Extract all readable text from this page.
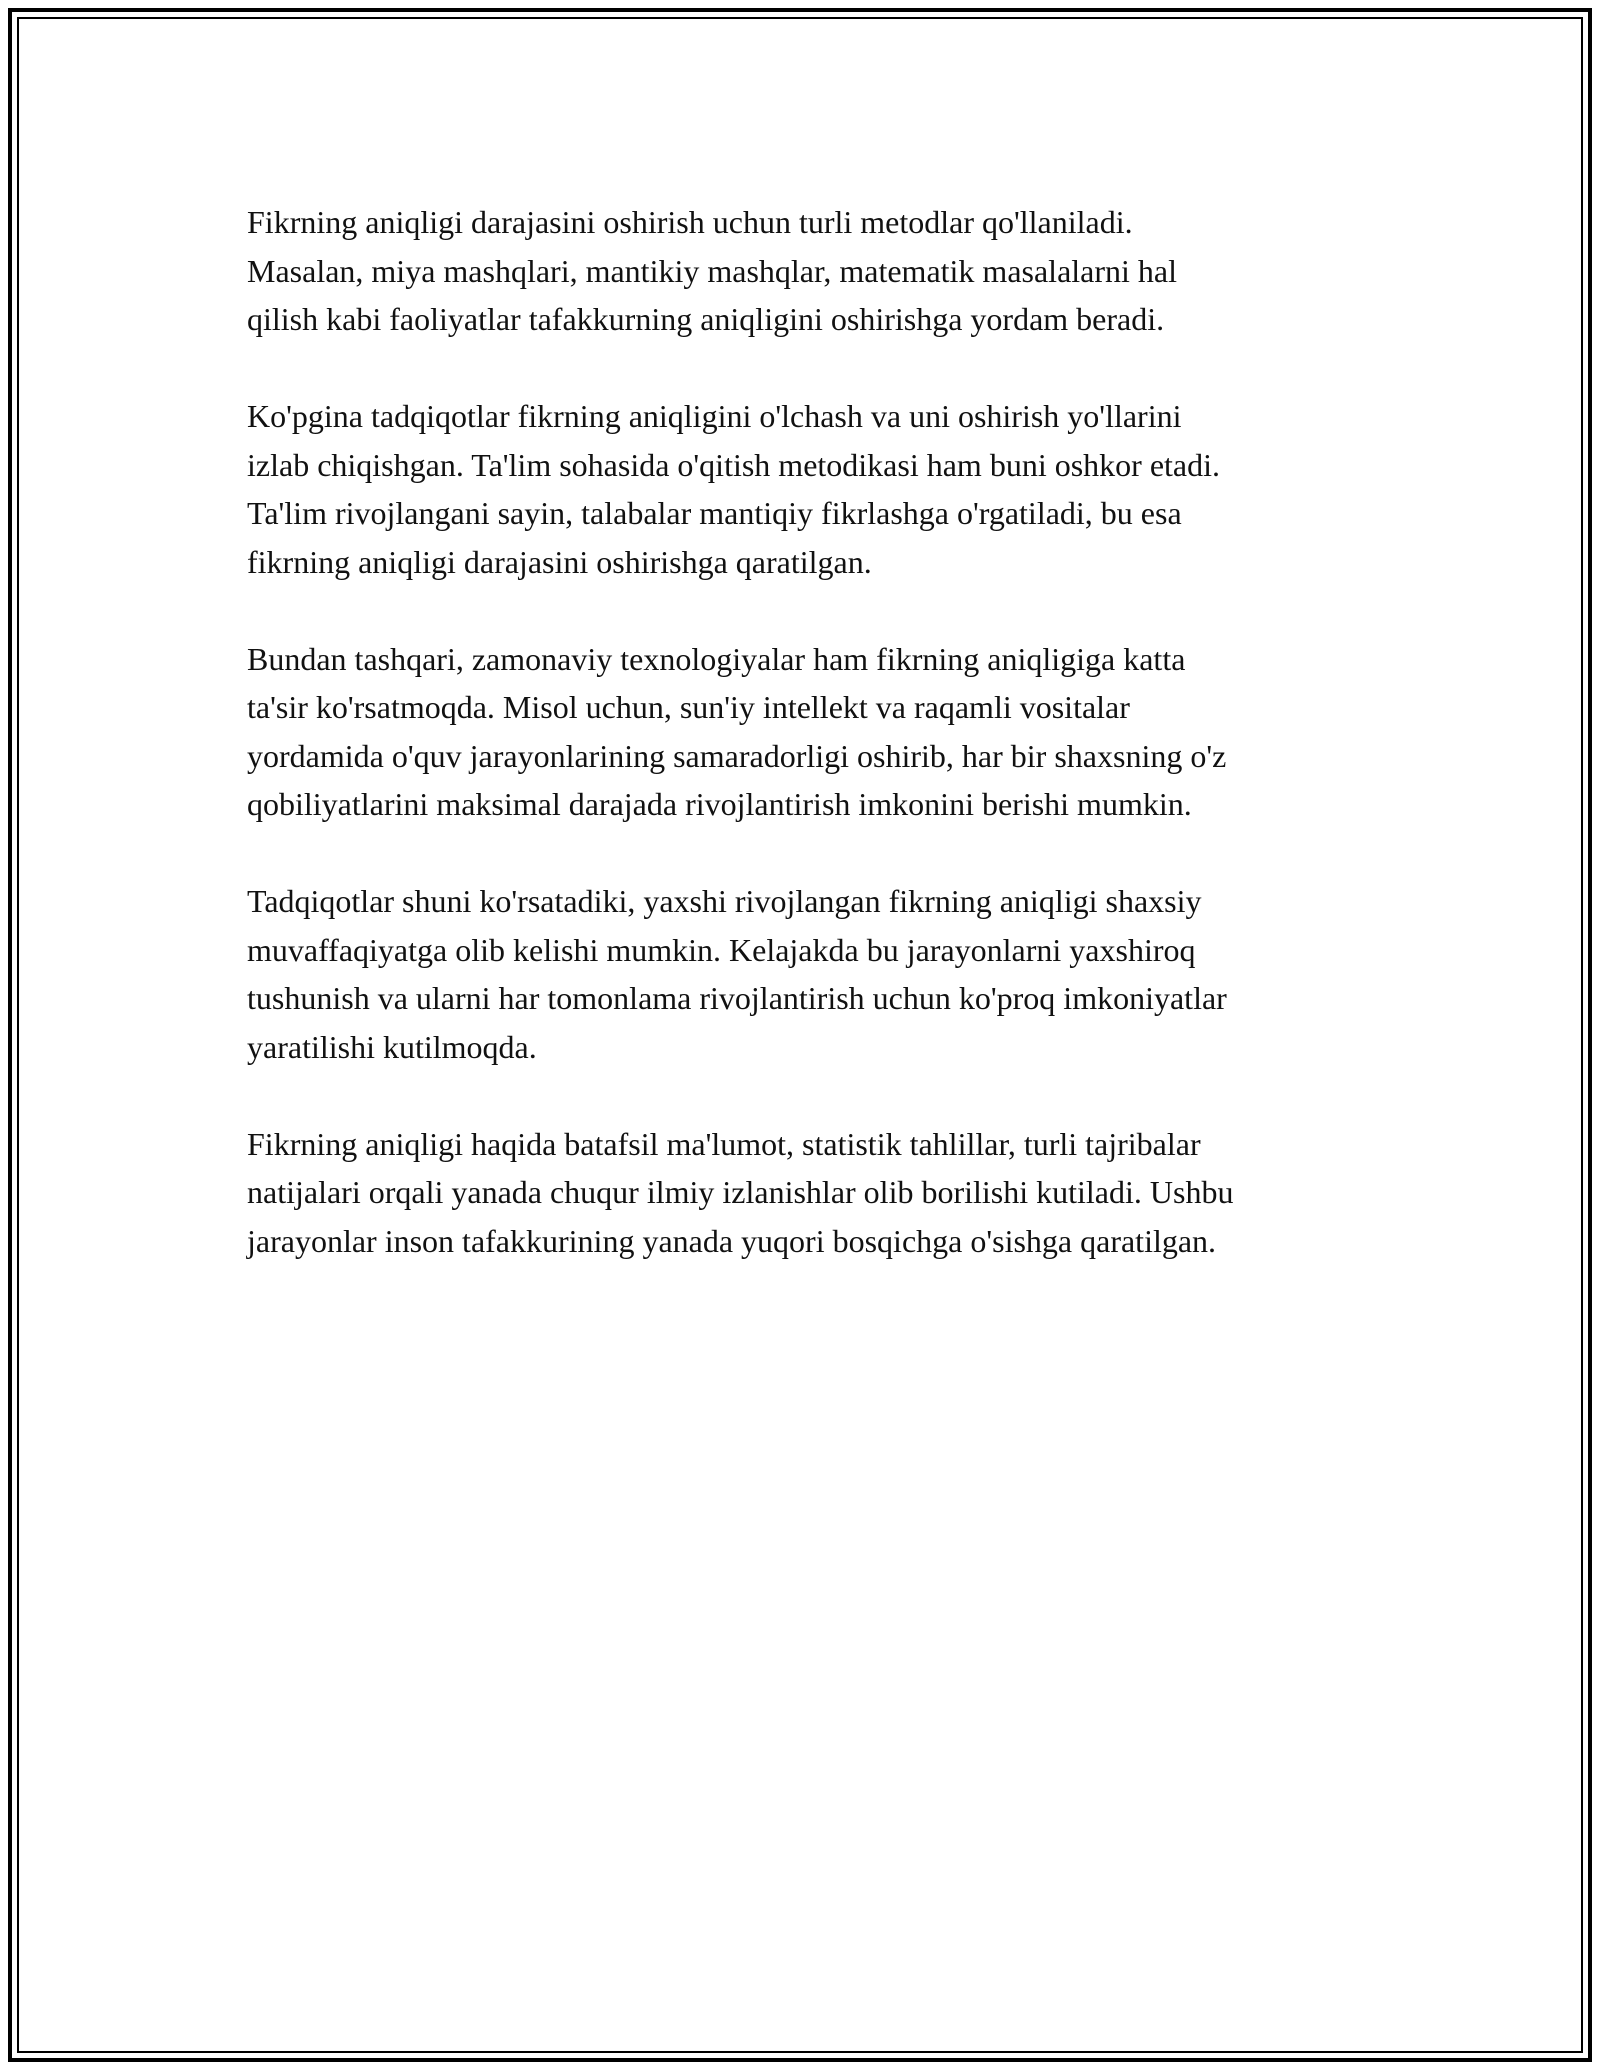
Fikrning aniqligi darajasini oshirish uchun turli metodlar qo'llaniladi.
Masalan, miya mashqlari, mantikiy mashqlar, matematik masalalarni hal
qilish kabi faoliyatlar tafakkurning aniqligini oshirishga yordam beradi.

Ko'pgina tadqiqotlar fikrning aniqligini o'lchash va uni oshirish yo'llarini
izlab chiqishgan. Ta'lim sohasida o'qitish metodikasi ham buni oshkor etadi.
Ta'lim rivojlangani sayin, talabalar mantiqiy fikrlashga o'rgatiladi, bu esa
fikrning aniqligi darajasini oshirishga qaratilgan.

Bundan tashqari, zamonaviy texnologiyalar ham fikrning aniqligiga katta
ta'sir ko'rsatmoqda. Misol uchun, sun'iy intellekt va raqamli vositalar
yordamida o'quv jarayonlarining samaradorligi oshirib, har bir shaxsning o'z
qobiliyatlarini maksimal darajada rivojlantirish imkonini berishi mumkin.

Tadqiqotlar shuni ko'rsatadiki, yaxshi rivojlangan fikrning aniqligi shaxsiy
muvaffaqiyatga olib kelishi mumkin. Kelajakda bu jarayonlarni yaxshiroq
tushunish va ularni har tomonlama rivojlantirish uchun ko'proq imkoniyatlar
yaratilishi kutilmoqda.

Fikrning aniqligi haqida batafsil ma'lumot, statistik tahlillar, turli tajribalar
natijalari orqali yanada chuqur ilmiy izlanishlar olib borilishi kutiladi. Ushbu
jarayonlar inson tafakkurining yanada yuqori bosqichga o'sishga qaratilgan.
